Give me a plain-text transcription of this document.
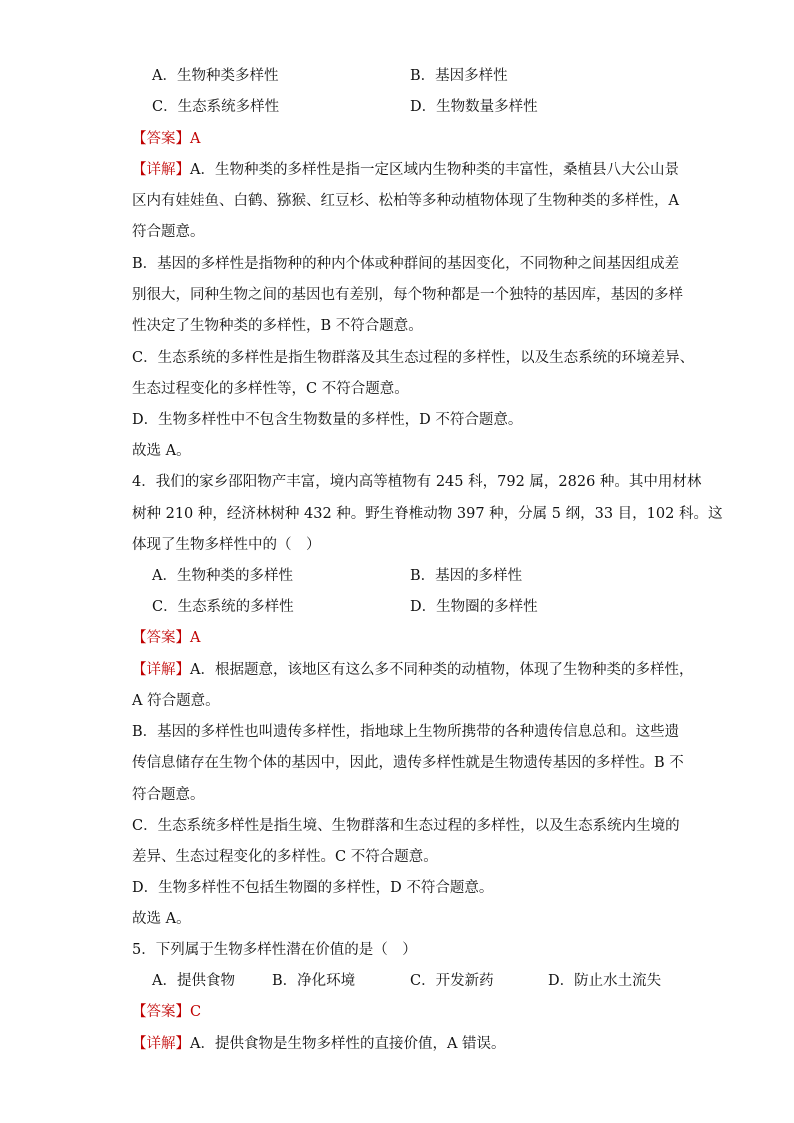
A．生物种类多样性	B．基因多样性
C．生态系统多样性	D．生物数量多样性
【答案】A
【详解】A．生物种类的多样性是指一定区域内生物种类的丰富性，桑植县八大公山景
区内有娃娃鱼、白鹤、猕猴、红豆杉、松柏等多种动植物体现了生物种类的多样性，A
符合题意。
B．基因的多样性是指物种的种内个体或种群间的基因变化，不同物种之间基因组成差
别很大，同种生物之间的基因也有差别，每个物种都是一个独特的基因库，基因的多样
性决定了生物种类的多样性，B 不符合题意。
C．生态系统的多样性是指生物群落及其生态过程的多样性，以及生态系统的环境差异、
生态过程变化的多样性等，C 不符合题意。
D．生物多样性中不包含生物数量的多样性，D 不符合题意。
故选 A。
4．我们的家乡邵阳物产丰富，境内高等植物有 245 科，792 属，2826 种。其中用材林
树种 210 种，经济林树种 432 种。野生脊椎动物 397 种，分属 5 纲，33 目，102 科。这
体现了生物多样性中的（　）
A．生物种类的多样性	B．基因的多样性
C．生态系统的多样性	D．生物圈的多样性
【答案】A
【详解】A．根据题意，该地区有这么多不同种类的动植物，体现了生物种类的多样性，
A 符合题意。
B．基因的多样性也叫遗传多样性，指地球上生物所携带的各种遗传信息总和。这些遗
传信息储存在生物个体的基因中，因此，遗传多样性就是生物遗传基因的多样性。B 不
符合题意。
C．生态系统多样性是指生境、生物群落和生态过程的多样性，以及生态系统内生境的
差异、生态过程变化的多样性。C 不符合题意。
D．生物多样性不包括生物圈的多样性，D 不符合题意。
故选 A。
5．下列属于生物多样性潜在价值的是（　）
A．提供食物	B．净化环境	C．开发新药	D．防止水土流失
【答案】C
【详解】A．提供食物是生物多样性的直接价值，A 错误。
